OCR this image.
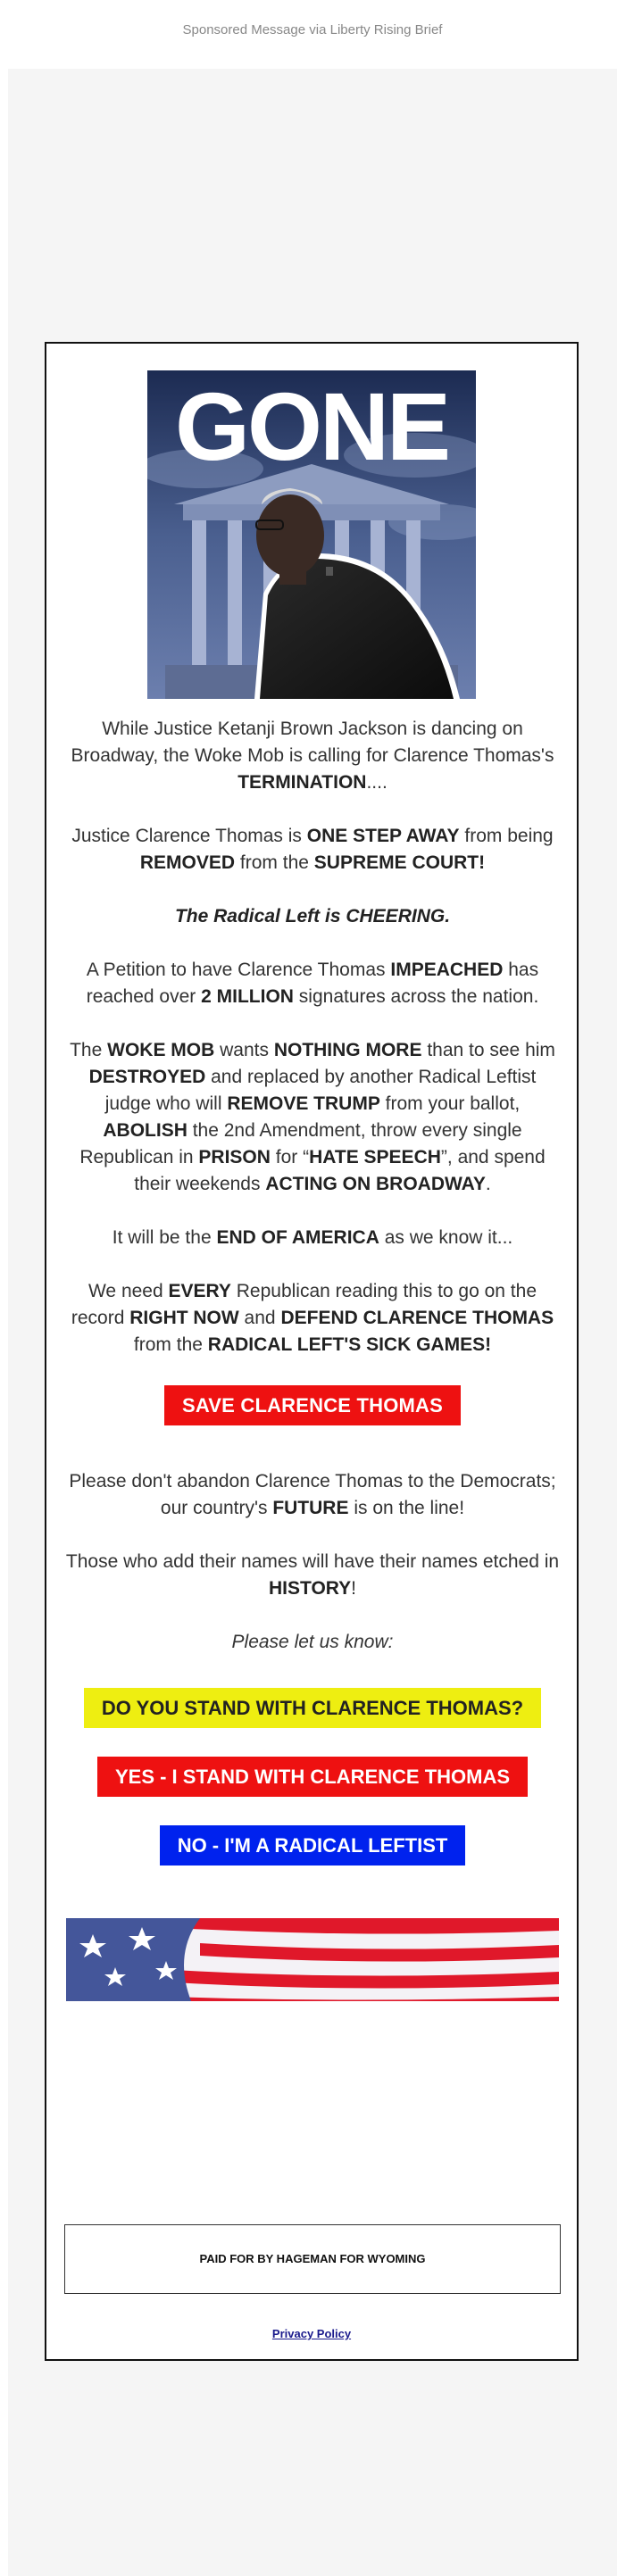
Sponsored Message via Liberty Rising Brief
GONE

While Justice Ketanji Brown Jackson is dancing on Broadway, the Woke Mob is calling for Clarence Thomas's TERMINATION....

Justice Clarence Thomas is ONE STEP AWAY from being REMOVED from the SUPREME COURT!

The Radical Left is CHEERING.

A Petition to have Clarence Thomas IMPEACHED has reached over 2 MILLION signatures across the nation.

The WOKE MOB wants NOTHING MORE than to see him DESTROYED and replaced by another Radical Leftist judge who will REMOVE TRUMP from your ballot, ABOLISH the 2nd Amendment, throw every single Republican in PRISON for “HATE SPEECH”, and spend their weekends ACTING ON BROADWAY.

It will be the END OF AMERICA as we know it...

We need EVERY Republican reading this to go on the record RIGHT NOW and DEFEND CLARENCE THOMAS from the RADICAL LEFT'S SICK GAMES!

SAVE CLARENCE THOMAS

Please don't abandon Clarence Thomas to the Democrats; our country's FUTURE is on the line!

Those who add their names will have their names etched in HISTORY!

Please let us know:

DO YOU STAND WITH CLARENCE THOMAS?
YES - I STAND WITH CLARENCE THOMAS
NO - I'M A RADICAL LEFTIST
PAID FOR BY HAGEMAN FOR WYOMING
Privacy Policy
